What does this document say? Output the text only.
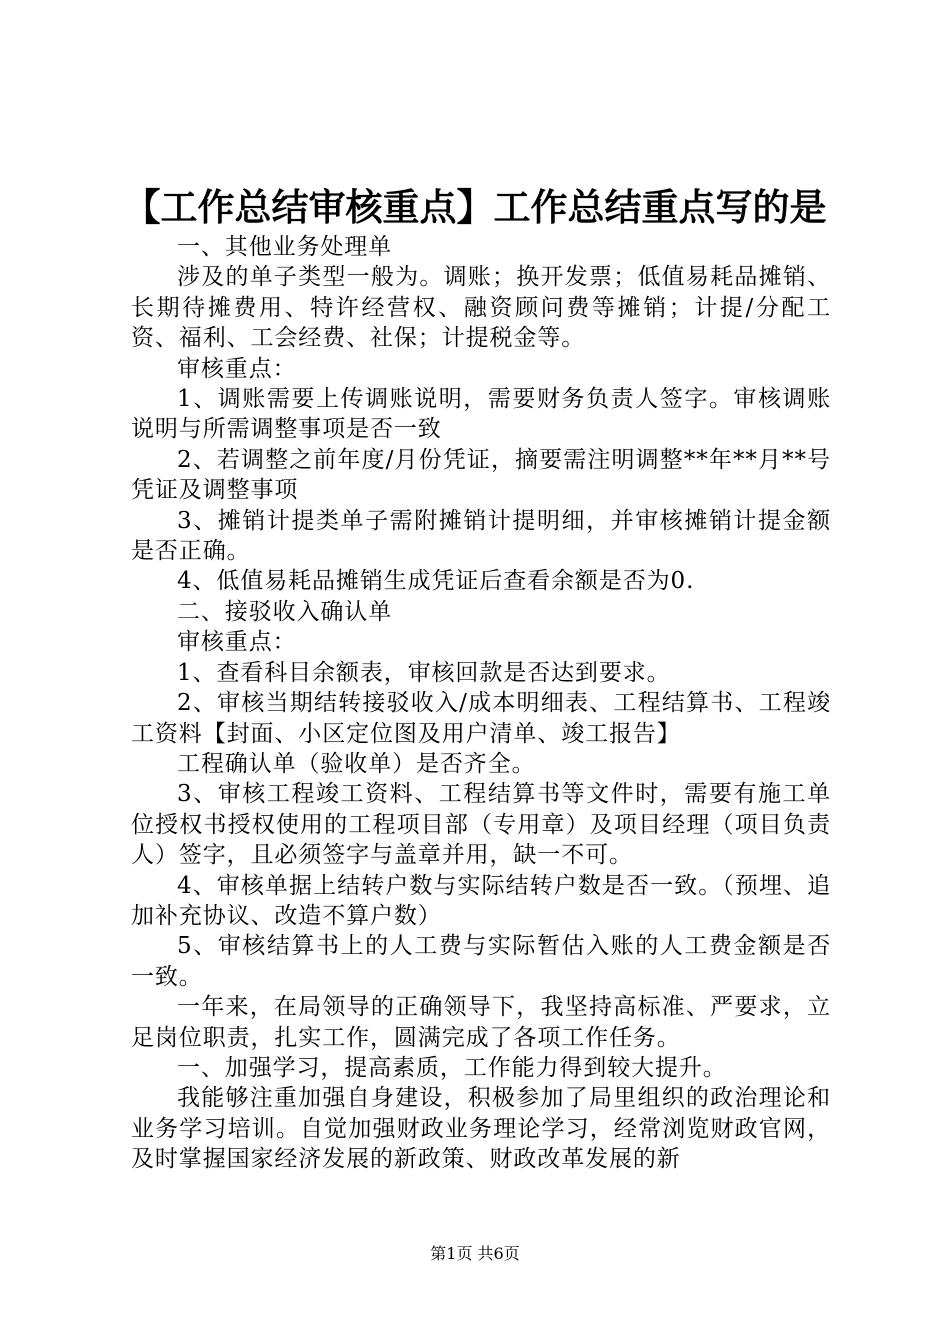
【工作总结审核重点】工作总结重点写的是

一、其他业务处理单

涉及的单子类型一般为。调账；换开发票；低值易耗品摊销、长期待摊费用、特许经营权、融资顾问费等摊销；计提/分配工资、福利、工会经费、社保；计提税金等。

审核重点：

1、调账需要上传调账说明，需要财务负责人签字。审核调账说明与所需调整事项是否一致

2、若调整之前年度/月份凭证，摘要需注明调整**年**月**号凭证及调整事项

3、摊销计提类单子需附摊销计提明细，并审核摊销计提金额是否正确。

4、低值易耗品摊销生成凭证后查看余额是否为0.

二、接驳收入确认单

审核重点：

1、查看科目余额表，审核回款是否达到要求。

2、审核当期结转接驳收入/成本明细表、工程结算书、工程竣工资料【封面、小区定位图及用户清单、竣工报告】

工程确认单（验收单）是否齐全。

3、审核工程竣工资料、工程结算书等文件时，需要有施工单位授权书授权使用的工程项目部（专用章）及项目经理（项目负责人）签字，且必须签字与盖章并用，缺一不可。

4、审核单据上结转户数与实际结转户数是否一致。（预埋、追加补充协议、改造不算户数）

5、审核结算书上的人工费与实际暂估入账的人工费金额是否一致。

一年来，在局领导的正确领导下，我坚持高标准、严要求，立足岗位职责，扎实工作，圆满完成了各项工作任务。

一、加强学习，提高素质，工作能力得到较大提升。

我能够注重加强自身建设，积极参加了局里组织的政治理论和业务学习培训。自觉加强财政业务理论学习，经常浏览财政官网，及时掌握国家经济发展的新政策、财政改革发展的新

第1页 共6页
